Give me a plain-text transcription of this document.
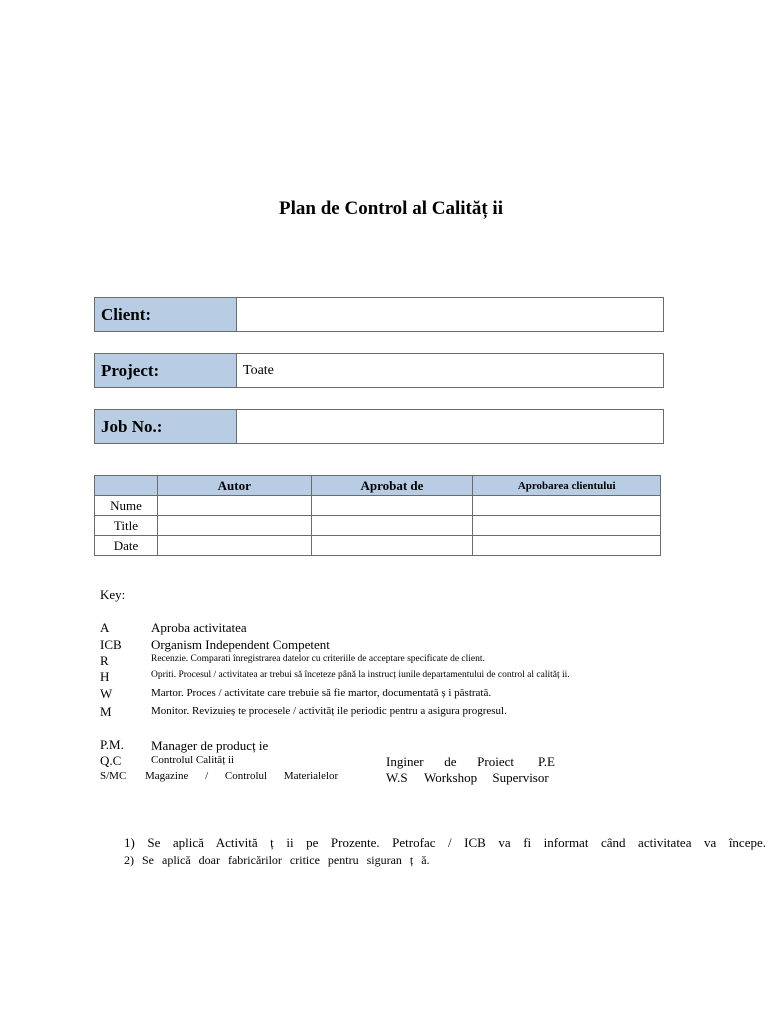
Plan de Control al Calităț ii
Client:
Project:	Toate
Job No.:
	Autor	Aprobat de	Aprobarea clientului
Nume			
Title			
Date			
Key:
A	Aproba activitatea
ICB Organism Independent Competent
R	Recenzie. Comparati înregistrarea datelor cu criteriile de acceptare specificate de client.
H	Opriti. Procesul / activitatea ar trebui să înceteze până la instrucț iunile departamentului de control al calităț ii.
W	Martor. Proces / activitate care trebuie să fie martor, documentată ș i păstrată.
M	Monitor. Revizuieș te procesele / activităț ile periodic pentru a asigura progresul.
P.M. Manager de producț ie
Q.C	Controlul Calităț ii
S/MC Magazine / Controlul Materialelor
Inginer de Proiect P.E
W.S Workshop Supervisor
1) Se aplică Activită ț ii pe Prozente. Petrofac / ICB va fi informat când activitatea va începe.
2) Se aplică doar fabricărilor critice pentru siguran ț ă.
